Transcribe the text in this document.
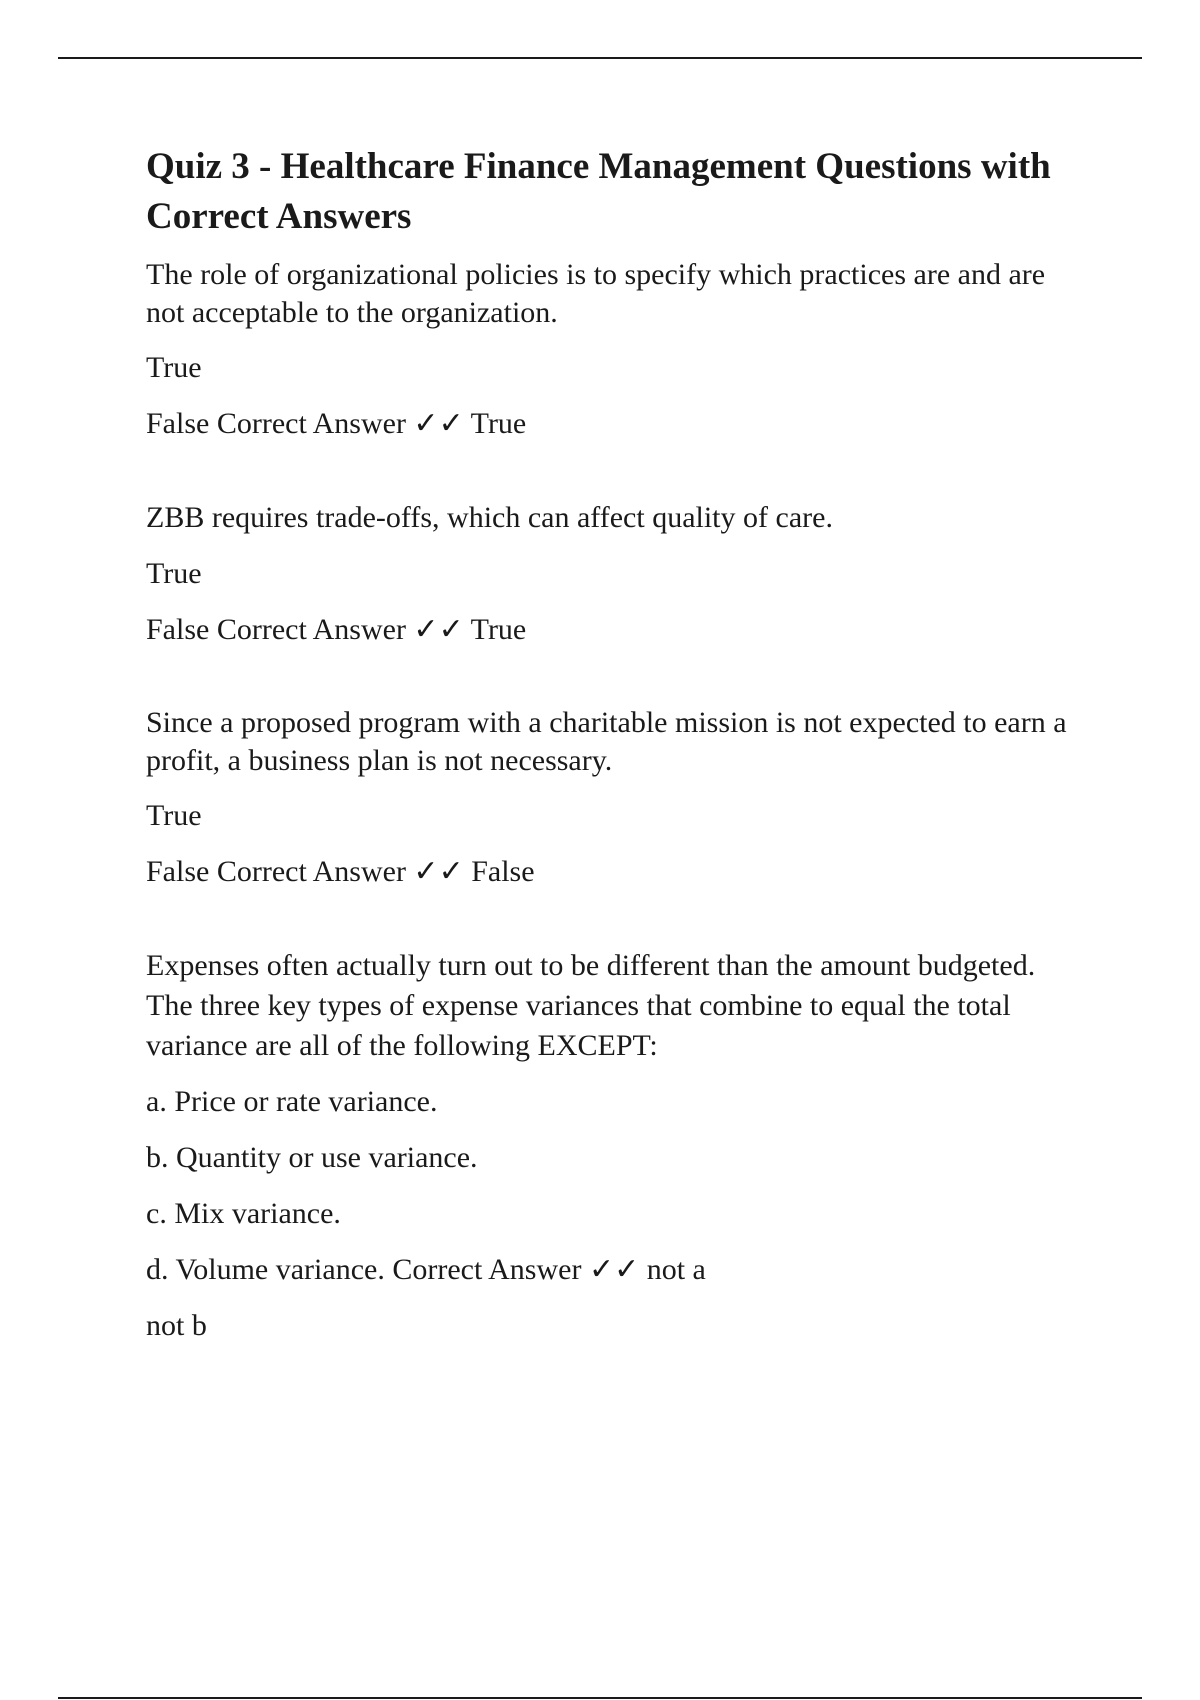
Quiz 3 - Healthcare Finance Management Questions with Correct Answers

The role of organizational policies is to specify which practices are and are not acceptable to the organization.

True

False Correct Answer ✓✓ True

ZBB requires trade-offs, which can affect quality of care.

True

False Correct Answer ✓✓ True

Since a proposed program with a charitable mission is not expected to earn a profit, a business plan is not necessary.

True

False Correct Answer ✓✓ False

Expenses often actually turn out to be different than the amount budgeted. The three key types of expense variances that combine to equal the total variance are all of the following EXCEPT:

a. Price or rate variance.

b. Quantity or use variance.

c. Mix variance.

d. Volume variance. Correct Answer ✓✓ not a

not b
